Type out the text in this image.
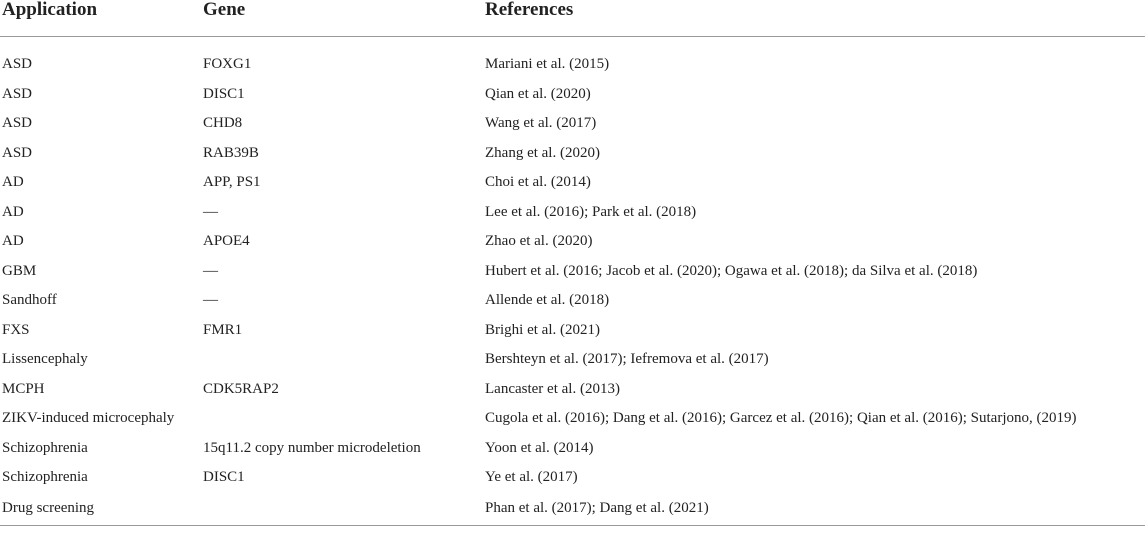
Application	Gene	References

ASD	FOXG1	Mariani et al. (2015)
ASD	DISC1	Qian et al. (2020)
ASD	CHD8	Wang et al. (2017)
ASD	RAB39B	Zhang et al. (2020)
AD	APP, PS1	Choi et al. (2014)
AD	—	Lee et al. (2016); Park et al. (2018)
AD	APOE4	Zhao et al. (2020)
GBM	—	Hubert et al. (2016; Jacob et al. (2020); Ogawa et al. (2018); da Silva et al. (2018)
Sandhoff	—	Allende et al. (2018)
FXS	FMR1	Brighi et al. (2021)
Lissencephaly		Bershteyn et al. (2017); Iefremova et al. (2017)
MCPH	CDK5RAP2	Lancaster et al. (2013)
ZIKV-induced microcephaly		Cugola et al. (2016); Dang et al. (2016); Garcez et al. (2016); Qian et al. (2016); Sutarjono, (2019)
Schizophrenia	15q11.2 copy number microdeletion	Yoon et al. (2014)
Schizophrenia	DISC1	Ye et al. (2017)
Drug screening		Phan et al. (2017); Dang et al. (2021)
